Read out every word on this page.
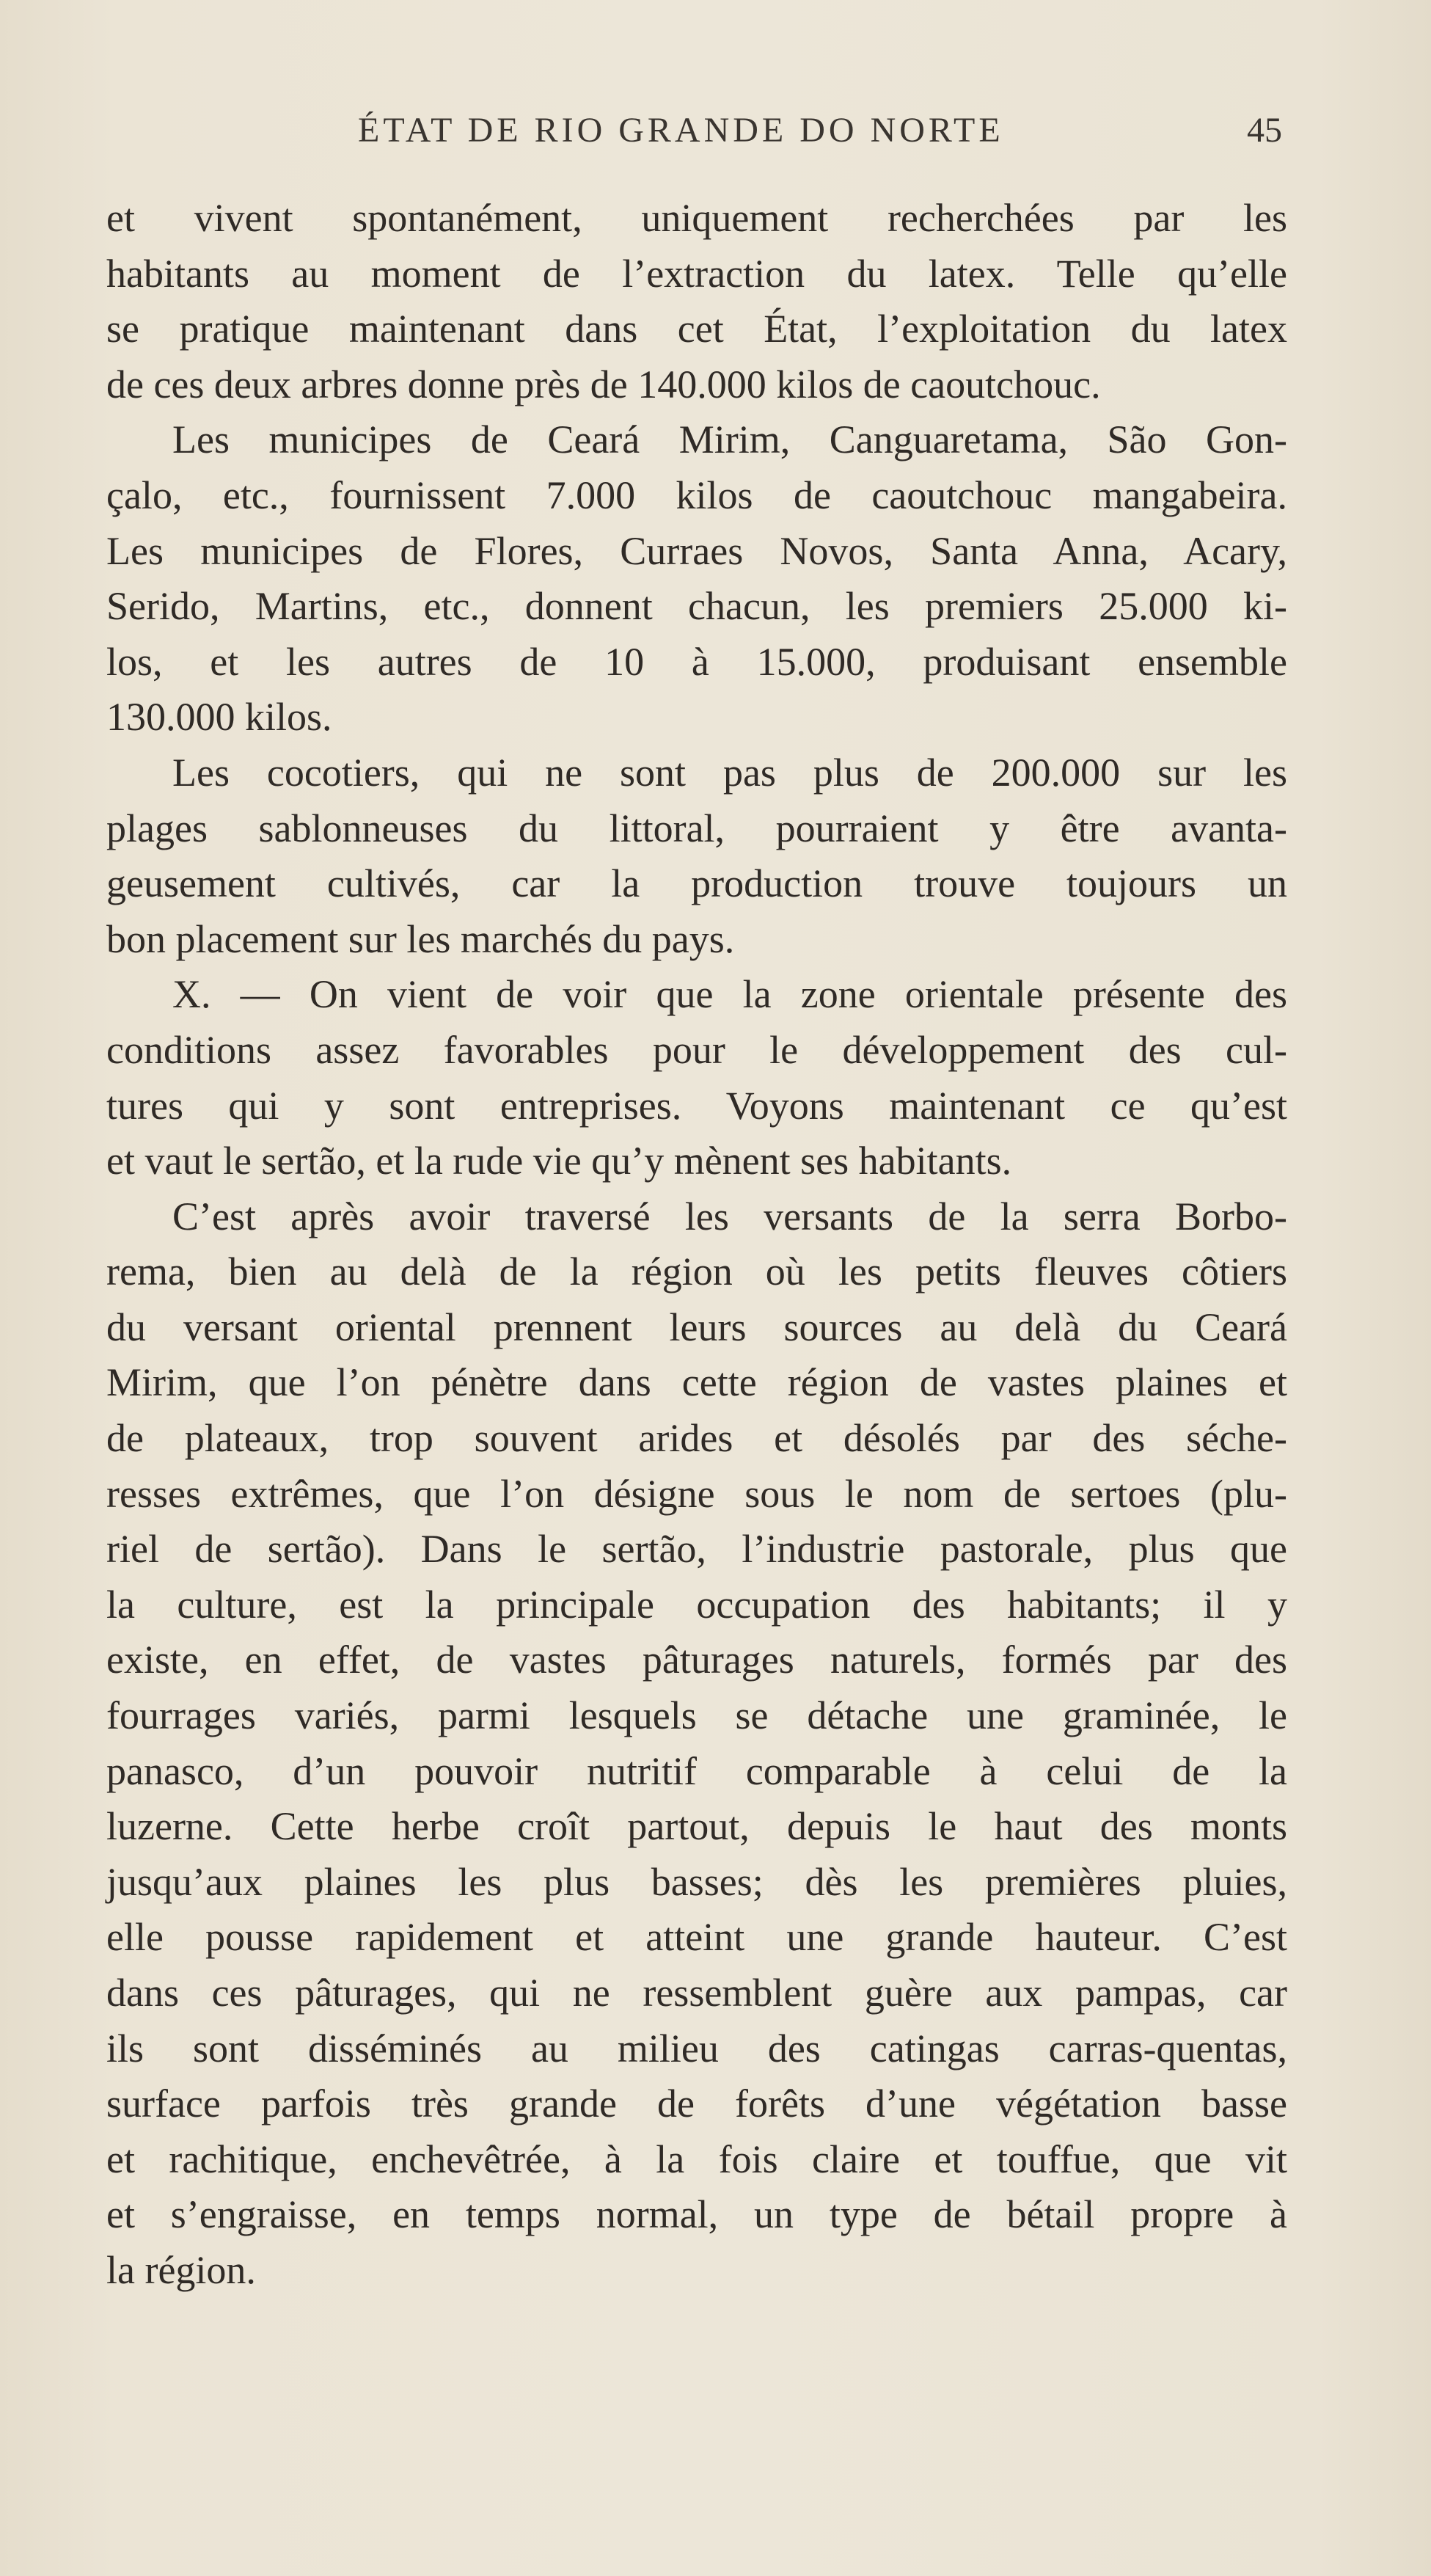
ÉTAT DE RIO GRANDE DO NORTE	45
et vivent spontanément, uniquement recherchées par les
habitants au moment de l’extraction du latex. Telle qu’elle
se pratique maintenant dans cet État, l’exploitation du latex
de ces deux arbres donne près de 140.000 kilos de caoutchouc.
Les municipes de Ceará Mirim, Canguaretama, São Gon-
çalo, etc., fournissent 7.000 kilos de caoutchouc mangabeira.
Les municipes de Flores, Curraes Novos, Santa Anna, Acary,
Serido, Martins, etc., donnent chacun, les premiers 25.000 ki-
los, et les autres de 10 à 15.000, produisant ensemble
130.000 kilos.
Les cocotiers, qui ne sont pas plus de 200.000 sur les
plages sablonneuses du littoral, pourraient y être avanta-
geusement cultivés, car la production trouve toujours un
bon placement sur les marchés du pays.
X. — On vient de voir que la zone orientale présente des
conditions assez favorables pour le développement des cul-
tures qui y sont entreprises. Voyons maintenant ce qu’est
et vaut le sertão, et la rude vie qu’y mènent ses habitants.
C’est après avoir traversé les versants de la serra Borbo-
rema, bien au delà de la région où les petits fleuves côtiers
du versant oriental prennent leurs sources au delà du Ceará
Mirim, que l’on pénètre dans cette région de vastes plaines et
de plateaux, trop souvent arides et désolés par des séche-
resses extrêmes, que l’on désigne sous le nom de sertoes (plu-
riel de sertão). Dans le sertão, l’industrie pastorale, plus que
la culture, est la principale occupation des habitants; il y
existe, en effet, de vastes pâturages naturels, formés par des
fourrages variés, parmi lesquels se détache une graminée, le
panasco, d’un pouvoir nutritif comparable à celui de la
luzerne. Cette herbe croît partout, depuis le haut des monts
jusqu’aux plaines les plus basses; dès les premières pluies,
elle pousse rapidement et atteint une grande hauteur. C’est
dans ces pâturages, qui ne ressemblent guère aux pampas, car
ils sont disséminés au milieu des catingas carras-quentas,
surface parfois très grande de forêts d’une végétation basse
et rachitique, enchevêtrée, à la fois claire et touffue, que vit
et s’engraisse, en temps normal, un type de bétail propre à
la région.
